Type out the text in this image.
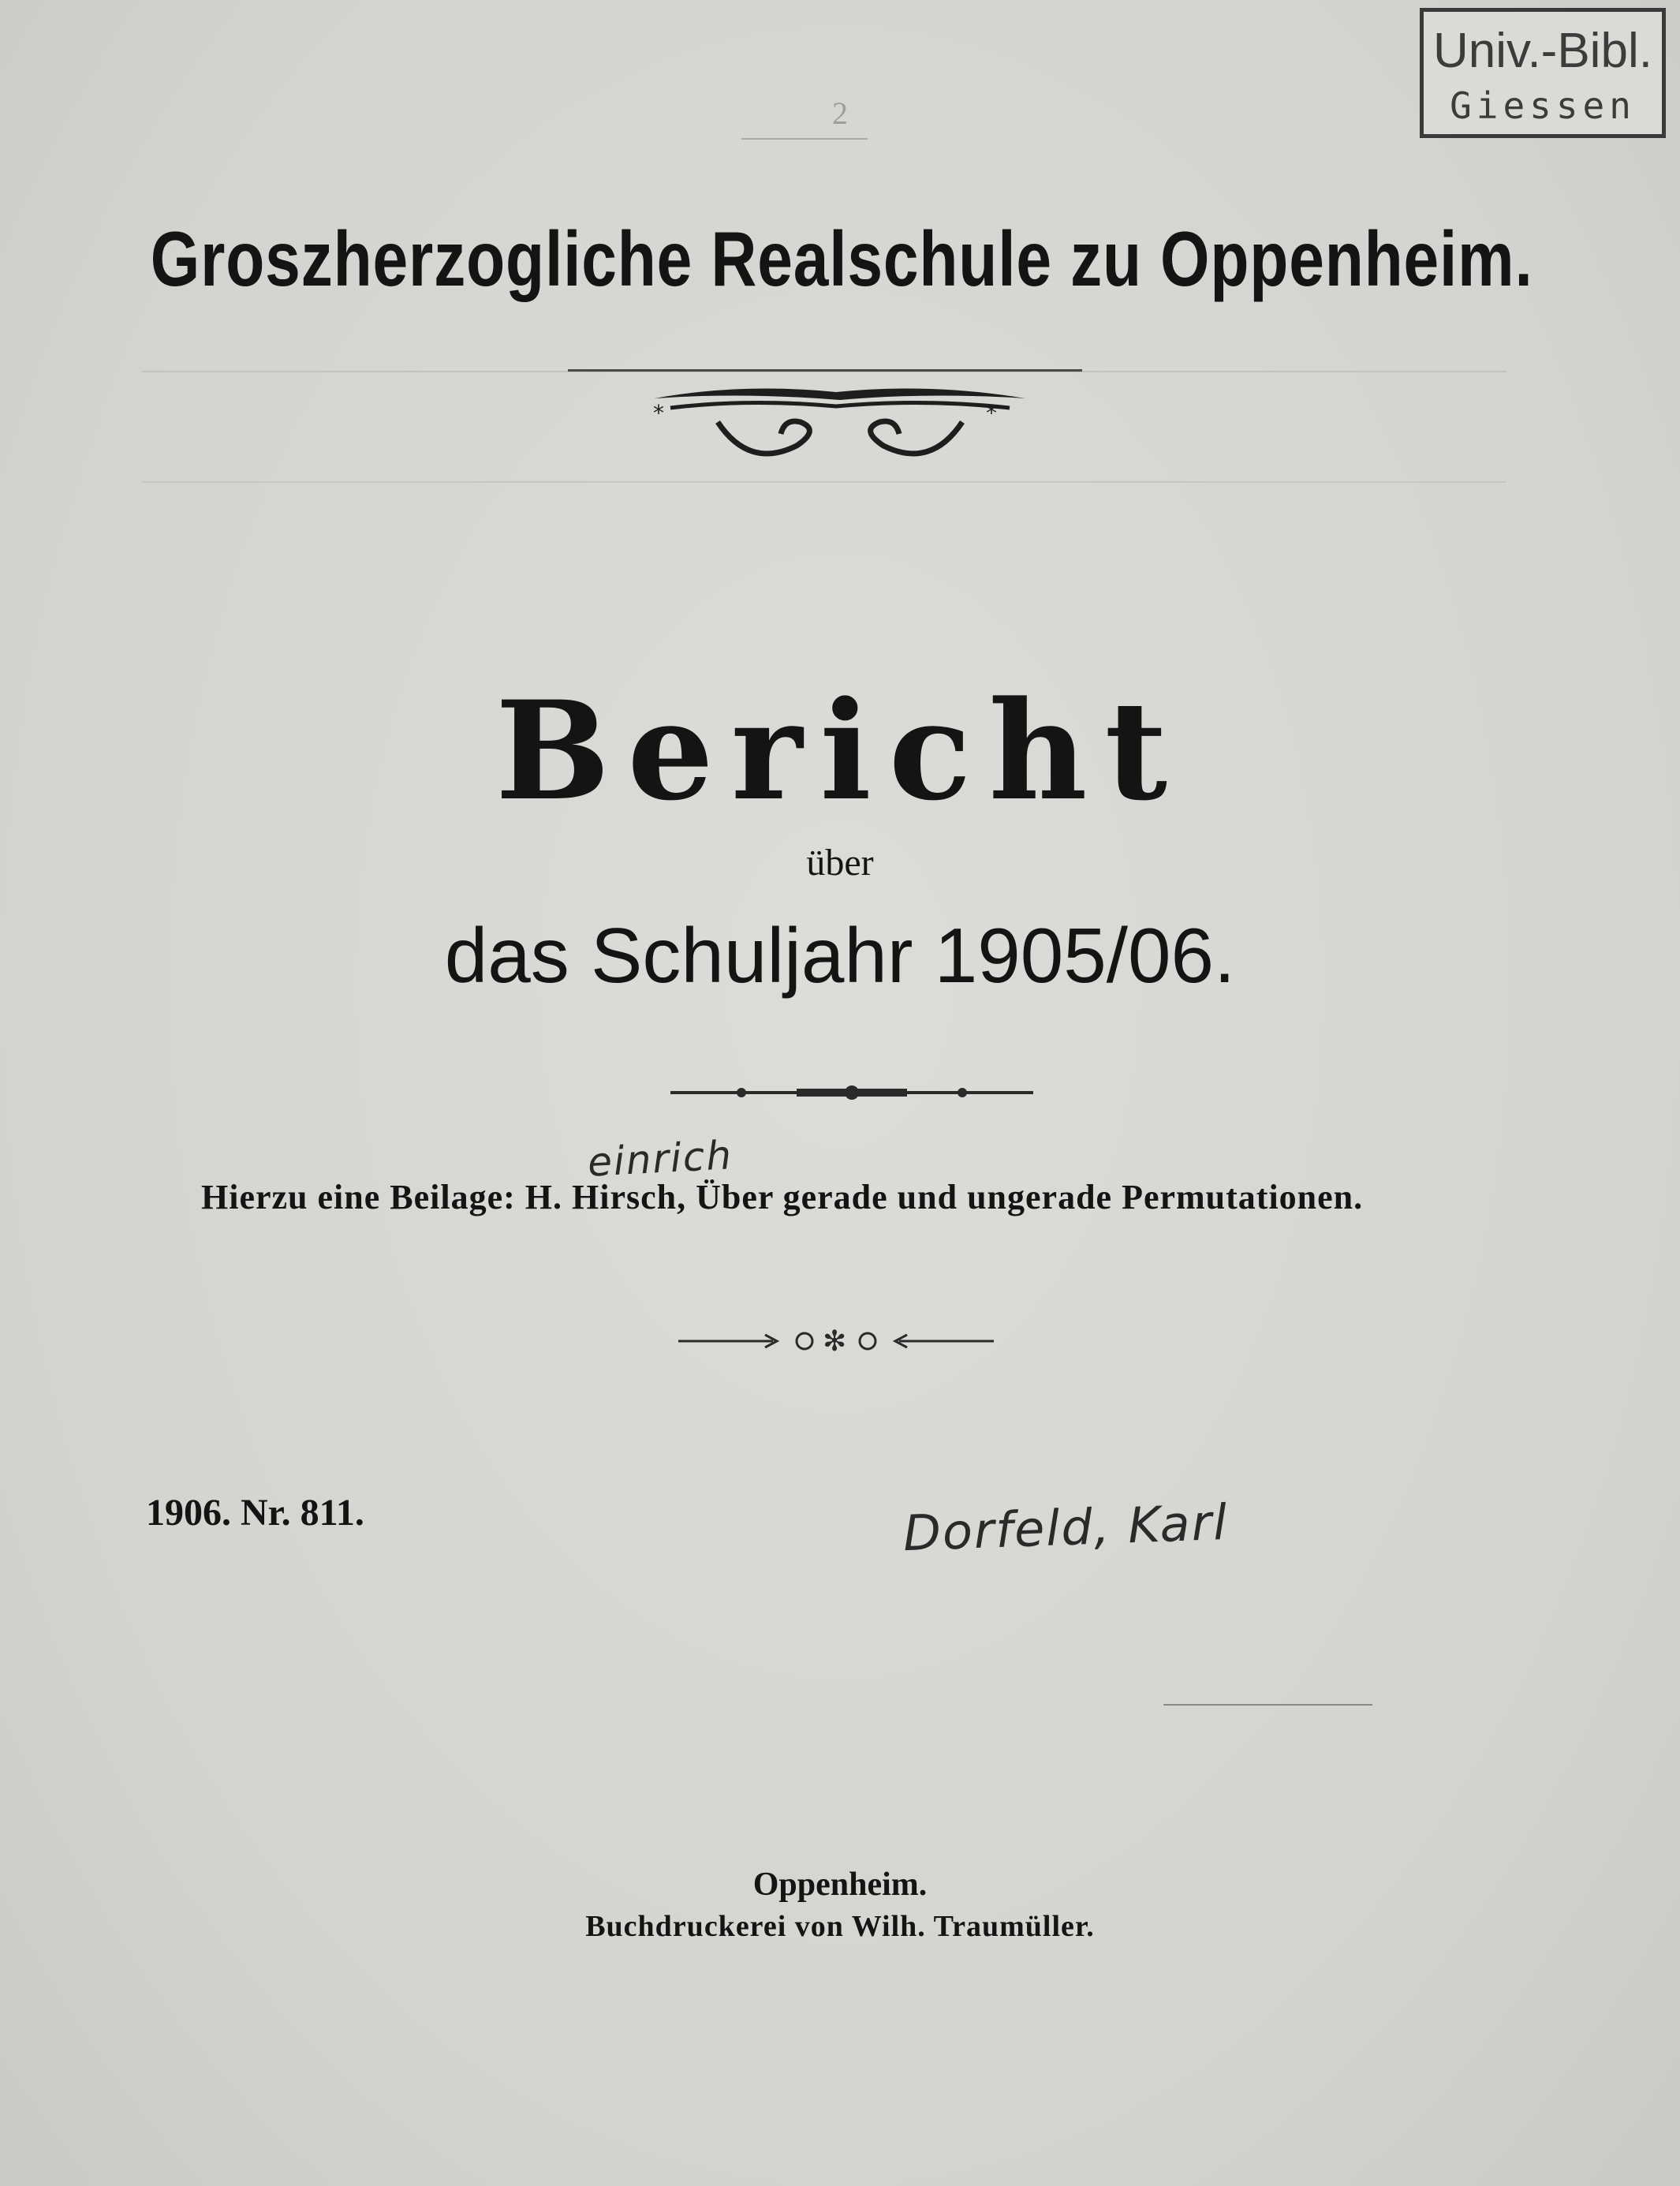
Univ.-Bibl.
Giessen
2
Groszherzogliche Realschule zu Oppenheim.
*	*
Bericht
über
das Schuljahr 1905/06.
einrich
Hierzu eine Beilage: H. Hirsch, Über gerade und ungerade Permutationen.
✻
1906. Nr. 811.	Dorfeld, Karl
Oppenheim.
Buchdruckerei von Wilh. Traumüller.
